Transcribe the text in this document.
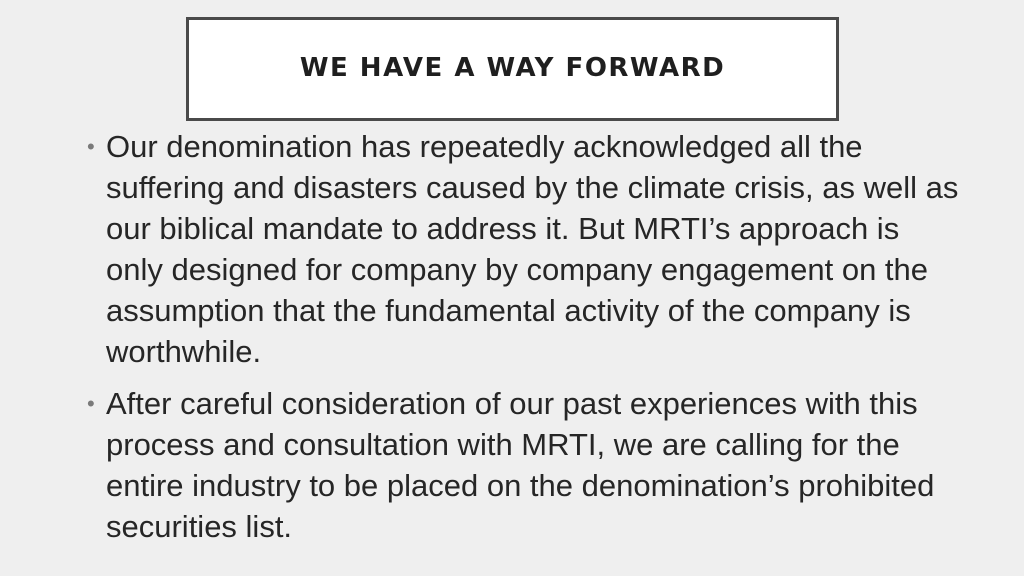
WE HAVE A WAY FORWARD
• Our denomination has repeatedly acknowledged all the suffering and disasters caused by the climate crisis, as well as our biblical mandate to address it. But MRTI’s approach is only designed for company by company engagement on the assumption that the fundamental activity of the company is worthwhile.
• After careful consideration of our past experiences with this process and consultation with MRTI, we are calling for the entire industry to be placed on the denomination’s prohibited securities list.
